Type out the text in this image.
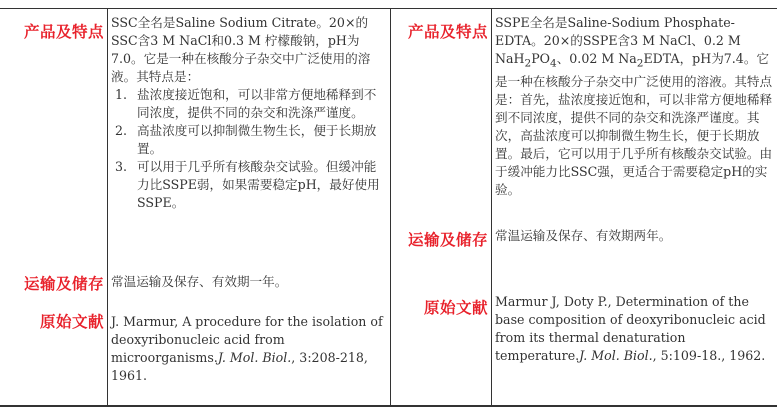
产品及特点

SSC全名是Saline Sodium Citrate。20×的SSC含3 M NaCl和0.3 M 柠檬酸钠，pH为7.0。它是一种在核酸分子杂交中广泛使用的溶液。其特点是：

1. 盐浓度接近饱和，可以非常方便地稀释到不同浓度，提供不同的杂交和洗涤严谨度。
2. 高盐浓度可以抑制微生物生长，便于长期放置。
3. 可以用于几乎所有核酸杂交试验。但缓冲能力比SSPE弱，如果需要稳定pH，最好使用SSPE。
运输及储存 常温运输及保存、有效期一年。
原始文献 J. Marmur, A procedure for the isolation of deoxyribonucleic acid from microorganisms.J. Mol. Biol., 3:208-218, 1961.
产品及特点
SSPE全名是Saline-Sodium Phosphate-EDTA。20×的SSPE含3 M NaCl、0.2 M $NaH_2PO_4$、0.02 M $Na_2EDTA$，pH为7.4。它是一种在核酸分子杂交中广泛使用的溶液。其特点是：首先，盐浓度接近饱和，可以非常方便地稀释到不同浓度，提供不同的杂交和洗涤严谨度。其次，高盐浓度可以抑制微生物生长，便于长期放置。最后，它可以用于几乎所有核酸杂交试验。由于缓冲能力比SSC强，更适合于需要稳定pH的实验。
运输及储存 常温运输及保存、有效期两年。
原始文献 Marmur J, Doty P., Determination of the base composition of deoxyribonucleic acid from its thermal denaturation temperature.J. Mol. Biol., 5:109-18., 1962.
